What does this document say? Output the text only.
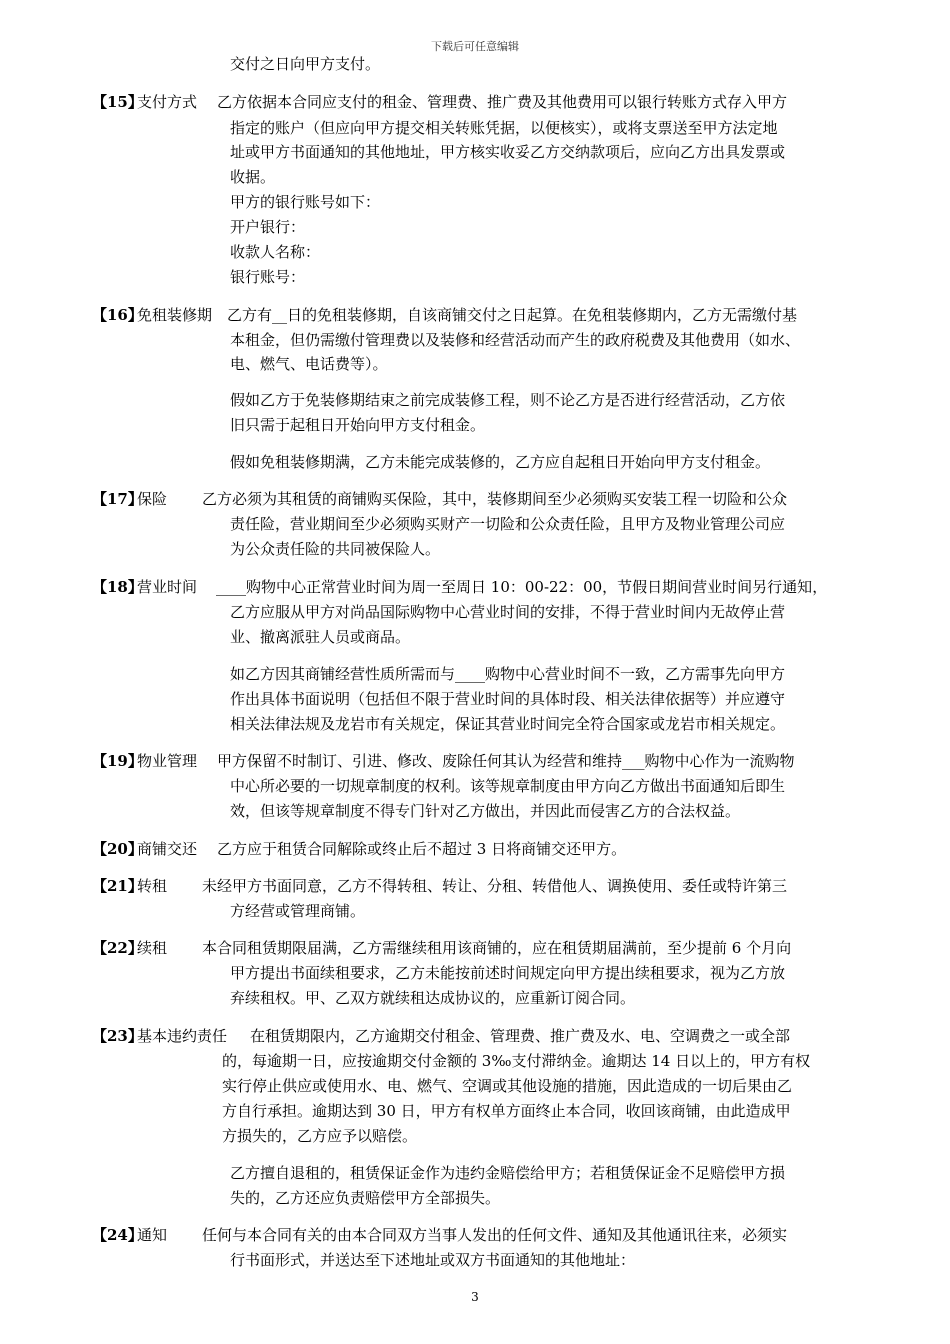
下载后可任意编辑
交付之日向甲方支付。
【15】
支付方式 乙方依据本合同应支付的租金、管理费、推广费及其他费用可以银行转账方式存入甲方
指定的账户（但应向甲方提交相关转账凭据，以便核实），或将支票送至甲方法定地
址或甲方书面通知的其他地址，甲方核实收妥乙方交纳款项后，应向乙方出具发票或
收据。
甲方的银行账号如下：
开户银行：
收款人名称：
银行账号：
【16】
免租装修期 乙方有__日的免租装修期，自该商铺交付之日起算。在免租装修期内，乙方无需缴付基
本租金，但仍需缴付管理费以及装修和经营活动而产生的政府税费及其他费用（如水、
电、燃气、电话费等）。
假如乙方于免装修期结束之前完成装修工程，则不论乙方是否进行经营活动，乙方依
旧只需于起租日开始向甲方支付租金。
假如免租装修期满，乙方未能完成装修的，乙方应自起租日开始向甲方支付租金。
【17】
保险 乙方必须为其租赁的商铺购买保险，其中，装修期间至少必须购买安装工程一切险和公众
责任险，营业期间至少必须购买财产一切险和公众责任险，且甲方及物业管理公司应
为公众责任险的共同被保险人。
【18】
营业时间 ____购物中心正常营业时间为周一至周日 10：00-22：00，节假日期间营业时间另行通知，
乙方应服从甲方对尚品国际购物中心营业时间的安排，不得于营业时间内无故停止营
业、撤离派驻人员或商品。
如乙方因其商铺经营性质所需而与____购物中心营业时间不一致，乙方需事先向甲方
作出具体书面说明（包括但不限于营业时间的具体时段、相关法律依据等）并应遵守
相关法律法规及龙岩市有关规定，保证其营业时间完全符合国家或龙岩市相关规定。
【19】
物业管理 甲方保留不时制订、引进、修改、废除任何其认为经营和维持___购物中心作为一流购物
中心所必要的一切规章制度的权利。该等规章制度由甲方向乙方做出书面通知后即生
效，但该等规章制度不得专门针对乙方做出，并因此而侵害乙方的合法权益。
【20】
商铺交还 乙方应于租赁合同解除或终止后不超过 3 日将商铺交还甲方。
【21】
转租 未经甲方书面同意，乙方不得转租、转让、分租、转借他人、调换使用、委任或特许第三
方经营或管理商铺。
【22】
续租 本合同租赁期限届满，乙方需继续租用该商铺的，应在租赁期届满前，至少提前 6 个月向
甲方提出书面续租要求，乙方未能按前述时间规定向甲方提出续租要求，视为乙方放
弃续租权。甲、乙双方就续租达成协议的，应重新订阅合同。
【23】
基本违约责任 在租赁期限内，乙方逾期交付租金、管理费、推广费及水、电、空调费之一或全部
的，每逾期一日，应按逾期交付金额的 3‰支付滞纳金。逾期达 14 日以上的，甲方有权
实行停止供应或使用水、电、燃气、空调或其他设施的措施，因此造成的一切后果由乙
方自行承担。逾期达到 30 日，甲方有权单方面终止本合同，收回该商铺，由此造成甲
方损失的，乙方应予以赔偿。
乙方擅自退租的，租赁保证金作为违约金赔偿给甲方；若租赁保证金不足赔偿甲方损
失的，乙方还应负责赔偿甲方全部损失。
【24】
通知 任何与本合同有关的由本合同双方当事人发出的任何文件、通知及其他通讯往来，必须实
行书面形式，并送达至下述地址或双方书面通知的其他地址：
3
